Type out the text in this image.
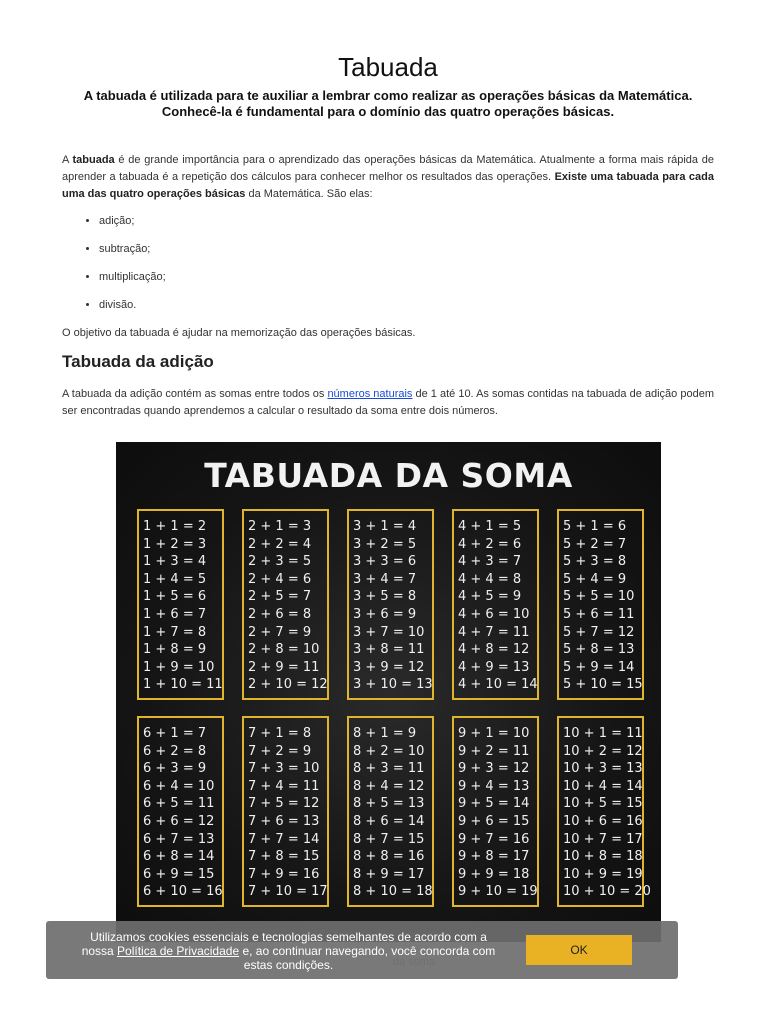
Tabuada
A tabuada é utilizada para te auxiliar a lembrar como realizar as operações básicas da Matemática. Conhecê-la é fundamental para o domínio das quatro operações básicas.
A tabuada é de grande importância para o aprendizado das operações básicas da Matemática. Atualmente a forma mais rápida de aprender a tabuada é a repetição dos cálculos para conhecer melhor os resultados das operações. Existe uma tabuada para cada uma das quatro operações básicas da Matemática. São elas:
• adição;
• subtração;
• multiplicação;
• divisão.
O objetivo da tabuada é ajudar na memorização das operações básicas.
Tabuada da adição
A tabuada da adição contém as somas entre todos os números naturais de 1 até 10. As somas contidas na tabuada de adição podem ser encontradas quando aprendemos a calcular o resultado da soma entre dois números.
TABUADA DA SOMA
1 + 1 = 2
1 + 2 = 3
1 + 3 = 4
1 + 4 = 5
1 + 5 = 6
1 + 6 = 7
1 + 7 = 8
1 + 8 = 9
1 + 9 = 10
1 + 10 = 11
2 + 1 = 3
2 + 2 = 4
2 + 3 = 5
2 + 4 = 6
2 + 5 = 7
2 + 6 = 8
2 + 7 = 9
2 + 8 = 10
2 + 9 = 11
2 + 10 = 12
3 + 1 = 4
3 + 2 = 5
3 + 3 = 6
3 + 4 = 7
3 + 5 = 8
3 + 6 = 9
3 + 7 = 10
3 + 8 = 11
3 + 9 = 12
3 + 10 = 13
4 + 1 = 5
4 + 2 = 6
4 + 3 = 7
4 + 4 = 8
4 + 5 = 9
4 + 6 = 10
4 + 7 = 11
4 + 8 = 12
4 + 9 = 13
4 + 10 = 14
5 + 1 = 6
5 + 2 = 7
5 + 3 = 8
5 + 4 = 9
5 + 5 = 10
5 + 6 = 11
5 + 7 = 12
5 + 8 = 13
5 + 9 = 14
5 + 10 = 15
6 + 1 = 7
6 + 2 = 8
6 + 3 = 9
6 + 4 = 10
6 + 5 = 11
6 + 6 = 12
6 + 7 = 13
6 + 8 = 14
6 + 9 = 15
6 + 10 = 16
7 + 1 = 8
7 + 2 = 9
7 + 3 = 10
7 + 4 = 11
7 + 5 = 12
7 + 6 = 13
7 + 7 = 14
7 + 8 = 15
7 + 9 = 16
7 + 10 = 17
8 + 1 = 9
8 + 2 = 10
8 + 3 = 11
8 + 4 = 12
8 + 5 = 13
8 + 6 = 14
8 + 7 = 15
8 + 8 = 16
8 + 9 = 17
8 + 10 = 18
9 + 1 = 10
9 + 2 = 11
9 + 3 = 12
9 + 4 = 13
9 + 5 = 14
9 + 6 = 15
9 + 7 = 16
9 + 8 = 17
9 + 9 = 18
9 + 10 = 19
10 + 1 = 11
10 + 2 = 12
10 + 3 = 13
10 + 4 = 14
10 + 5 = 15
10 + 6 = 16
10 + 7 = 17
10 + 8 = 18
10 + 9 = 19
10 + 10 = 20
Utilizamos cookies essenciais e tecnologias semelhantes de acordo com a nossa Política de Privacidade e, ao continuar navegando, você concorda com estas condições.
OK
